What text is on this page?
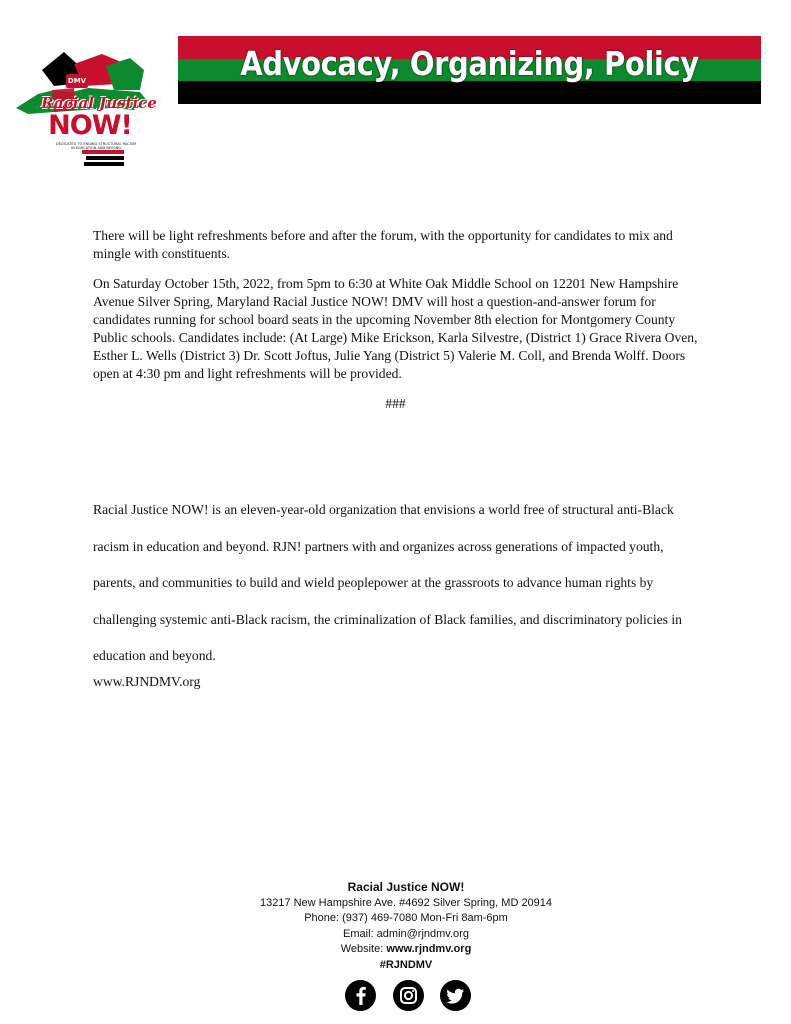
DMV
Racial Justice
NOW!
DEDICATED TO ENDING STRUCTURAL RACISM IN EDUCATION AND BEYOND
Advocacy, Organizing, Policy

There will be light refreshments before and after the forum, with the opportunity for candidates to mix and mingle with constituents.

On Saturday October 15th, 2022, from 5pm to 6:30 at White Oak Middle School on 12201 New Hampshire Avenue Silver Spring, Maryland Racial Justice NOW! DMV will host a question-and-answer forum for candidates running for school board seats in the upcoming November 8th election for Montgomery County Public schools. Candidates include: (At Large) Mike Erickson, Karla Silvestre, (District 1) Grace Rivera Oven, Esther L. Wells (District 3) Dr. Scott Joftus, Julie Yang (District 5) Valerie M. Coll, and Brenda Wolff. Doors open at 4:30 pm and light refreshments will be provided.

###

Racial Justice NOW! is an eleven-year-old organization that envisions a world free of structural anti-Black racism in education and beyond. RJN! partners with and organizes across generations of impacted youth, parents, and communities to build and wield peoplepower at the grassroots to advance human rights by challenging systemic anti-Black racism, the criminalization of Black families, and discriminatory policies in education and beyond.

www.RJNDMV.org
Racial Justice NOW!
13217 New Hampshire Ave. #4692 Silver Spring, MD 20914
Phone: (937) 469-7080 Mon-Fri 8am-6pm
Email: admin@rjndmv.org
Website: www.rjndmv.org
#RJNDMV
